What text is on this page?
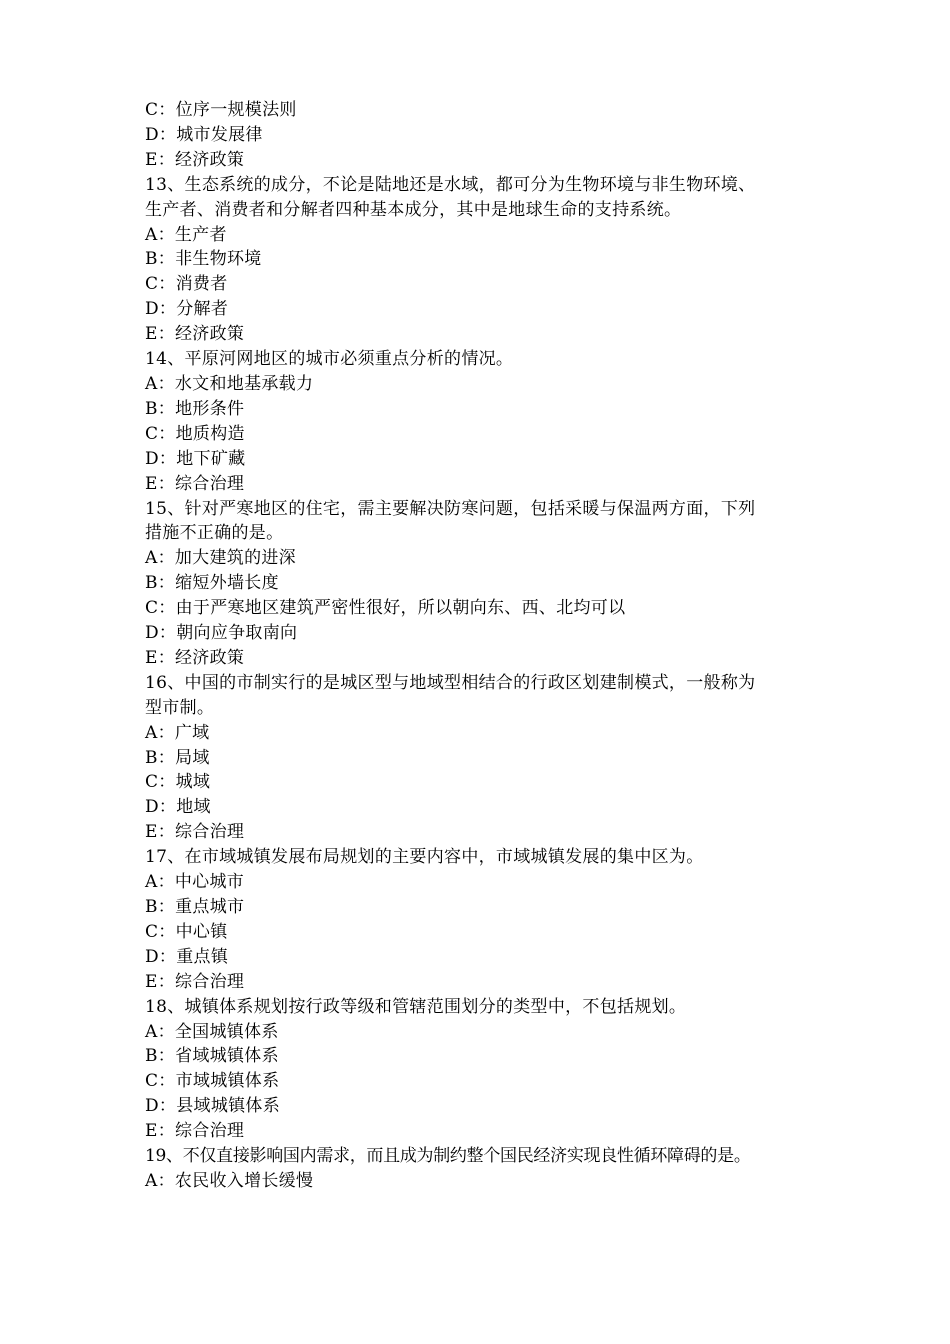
C：位序一规模法则
D：城市发展律
E：经济政策
13、生态系统的成分，不论是陆地还是水域，都可分为生物环境与非生物环境、
生产者、消费者和分解者四种基本成分，其中是地球生命的支持系统。
A：生产者
B：非生物环境
C：消费者
D：分解者
E：经济政策
14、平原河网地区的城市必须重点分析的情况。
A：水文和地基承载力
B：地形条件
C：地质构造
D：地下矿藏
E：综合治理
15、针对严寒地区的住宅，需主要解决防寒问题，包括采暖与保温两方面，下列
措施不正确的是。
A：加大建筑的进深
B：缩短外墙长度
C：由于严寒地区建筑严密性很好，所以朝向东、西、北均可以
D：朝向应争取南向
E：经济政策
16、中国的市制实行的是城区型与地域型相结合的行政区划建制模式，一般称为
型市制。
A：广域
B：局域
C：城域
D：地域
E：综合治理
17、在市域城镇发展布局规划的主要内容中，市域城镇发展的集中区为。
A：中心城市
B：重点城市
C：中心镇
D：重点镇
E：综合治理
18、城镇体系规划按行政等级和管辖范围划分的类型中，不包括规划。
A：全国城镇体系
B：省域城镇体系
C：市域城镇体系
D：县域城镇体系
E：综合治理
19、不仅直接影响国内需求，而且成为制约整个国民经济实现良性循环障碍的是。
A：农民收入增长缓慢
